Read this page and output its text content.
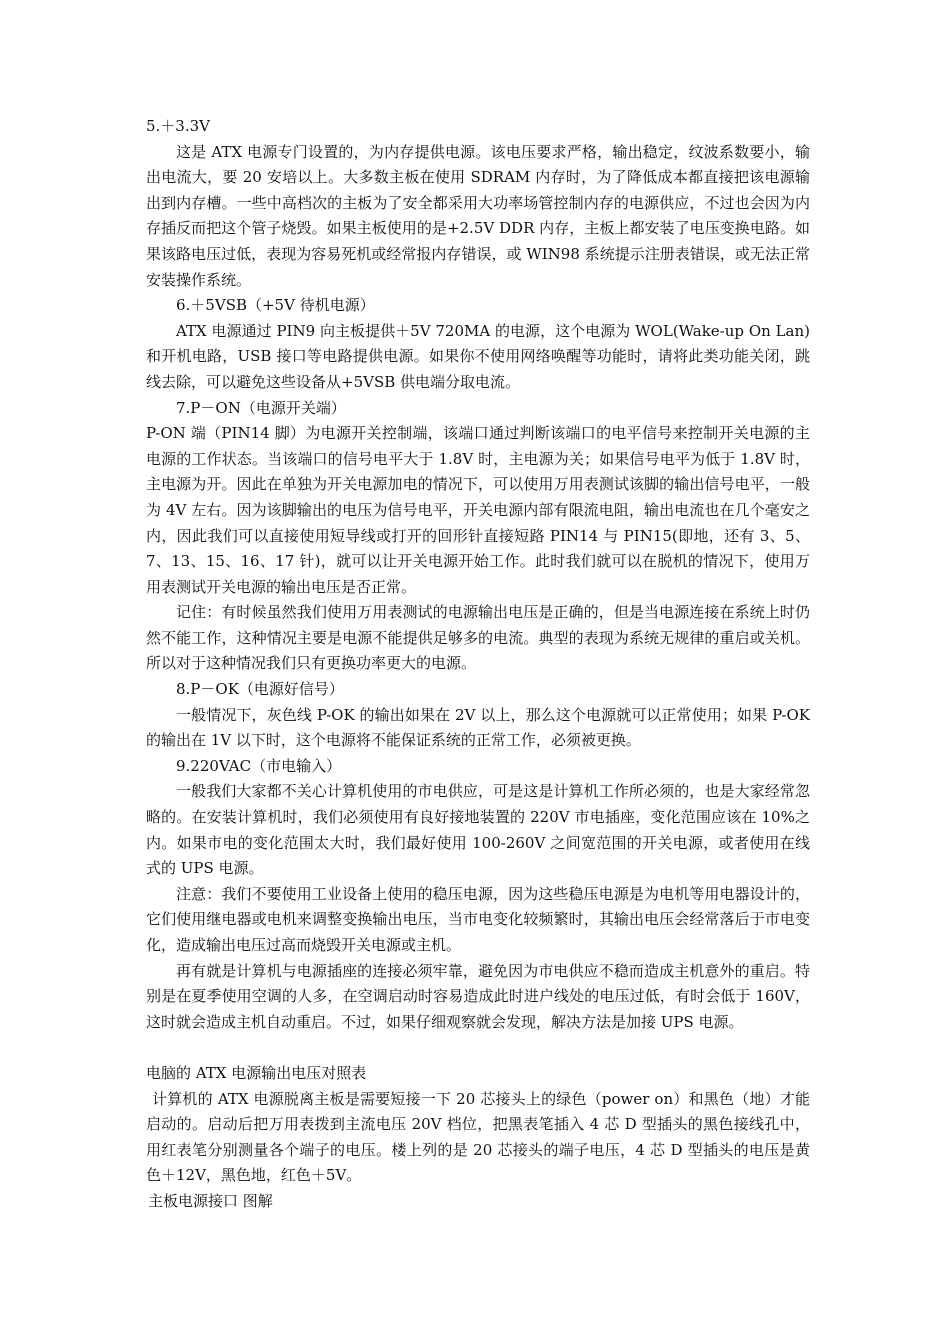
5.＋3.3V

这是 ATX 电源专门设置的，为内存提供电源。该电压要求严格，输出稳定，纹波系数要小，输出电流大，要 20 安培以上。大多数主板在使用 SDRAM 内存时，为了降低成本都直接把该电源输出到内存槽。一些中高档次的主板为了安全都采用大功率场管控制内存的电源供应，不过也会因为内存插反而把这个管子烧毁。如果主板使用的是+2.5V DDR 内存，主板上都安装了电压变换电路。如果该路电压过低，表现为容易死机或经常报内存错误，或 WIN98 系统提示注册表错误，或无法正常安装操作系统。

6.＋5VSB（+5V 待机电源）

ATX 电源通过 PIN9 向主板提供＋5V 720MA 的电源，这个电源为 WOL(Wake-up On Lan) 和开机电路，USB 接口等电路提供电源。如果你不使用网络唤醒等功能时，请将此类功能关闭，跳线去除，可以避免这些设备从+5VSB 供电端分取电流。

7.P－ON（电源开关端）

P-ON 端（PIN14 脚）为电源开关控制端，该端口通过判断该端口的电平信号来控制开关电源的主电源的工作状态。当该端口的信号电平大于 1.8V 时，主电源为关；如果信号电平为低于 1.8V 时，主电源为开。因此在单独为开关电源加电的情况下，可以使用万用表测试该脚的输出信号电平，一般为 4V 左右。因为该脚输出的电压为信号电平，开关电源内部有限流电阻，输出电流也在几个毫安之内，因此我们可以直接使用短导线或打开的回形针直接短路 PIN14 与 PIN15(即地，还有 3、5、7、13、15、16、17 针)，就可以让开关电源开始工作。此时我们就可以在脱机的情况下，使用万用表测试开关电源的输出电压是否正常。

记住：有时候虽然我们使用万用表测试的电源输出电压是正确的，但是当电源连接在系统上时仍然不能工作，这种情况主要是电源不能提供足够多的电流。典型的表现为系统无规律的重启或关机。所以对于这种情况我们只有更换功率更大的电源。

8.P－OK（电源好信号）

一般情况下，灰色线 P-OK 的输出如果在 2V 以上，那么这个电源就可以正常使用；如果 P-OK 的输出在 1V 以下时，这个电源将不能保证系统的正常工作，必须被更换。

9.220VAC（市电输入）

一般我们大家都不关心计算机使用的市电供应，可是这是计算机工作所必须的，也是大家经常忽略的。在安装计算机时，我们必须使用有良好接地装置的 220V 市电插座，变化范围应该在 10%之内。如果市电的变化范围太大时，我们最好使用 100-260V 之间宽范围的开关电源，或者使用在线式的 UPS 电源。

注意：我们不要使用工业设备上使用的稳压电源，因为这些稳压电源是为电机等用电器设计的，它们使用继电器或电机来调整变换输出电压，当市电变化较频繁时，其输出电压会经常落后于市电变化，造成输出电压过高而烧毁开关电源或主机。

再有就是计算机与电源插座的连接必须牢靠，避免因为市电供应不稳而造成主机意外的重启。特别是在夏季使用空调的人多，在空调启动时容易造成此时进户线处的电压过低，有时会低于 160V，这时就会造成主机自动重启。不过，如果仔细观察就会发现，解决方法是加接 UPS 电源。

电脑的 ATX 电源输出电压对照表

计算机的 ATX 电源脱离主板是需要短接一下 20 芯接头上的绿色（power on）和黑色（地）才能启动的。启动后把万用表拨到主流电压 20V 档位，把黑表笔插入 4 芯 D 型插头的黑色接线孔中，用红表笔分别测量各个端子的电压。楼上列的是 20 芯接头的端子电压，4 芯 D 型插头的电压是黄色＋12V，黑色地，红色＋5V。

主板电源接口 图解
